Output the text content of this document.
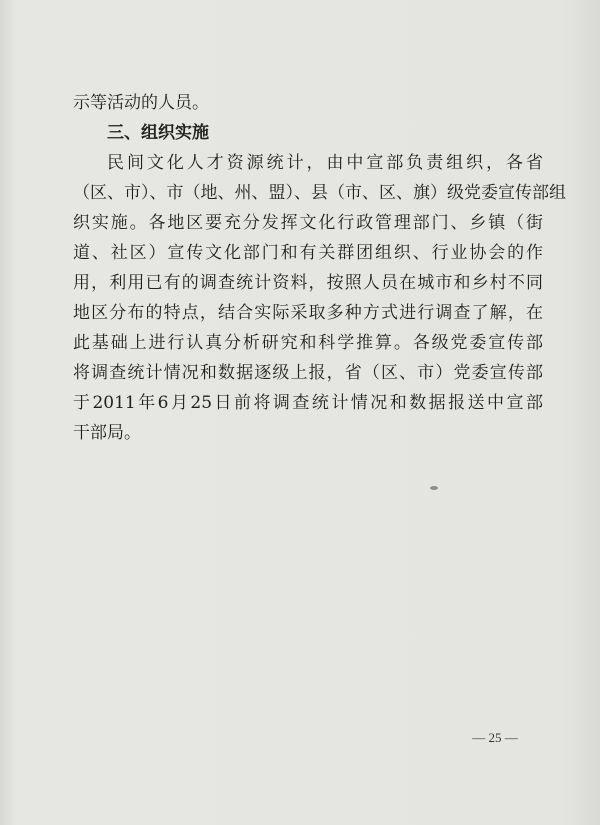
示等活动的人员。
三、组织实施
民间文化人才资源统计，由中宣部负责组织，各省
（区、市）、市（地、州、盟）、县（市、区、旗）级党委宣传部组
织实施。各地区要充分发挥文化行政管理部门、乡镇（街
道、社区）宣传文化部门和有关群团组织、行业协会的作
用，利用已有的调查统计资料，按照人员在城市和乡村不同
地区分布的特点，结合实际采取多种方式进行调查了解，在
此基础上进行认真分析研究和科学推算。各级党委宣传部
将调查统计情况和数据逐级上报，省（区、市）党委宣传部
于2011年6月25日前将调查统计情况和数据报送中宣部
干部局。
— 25 —
